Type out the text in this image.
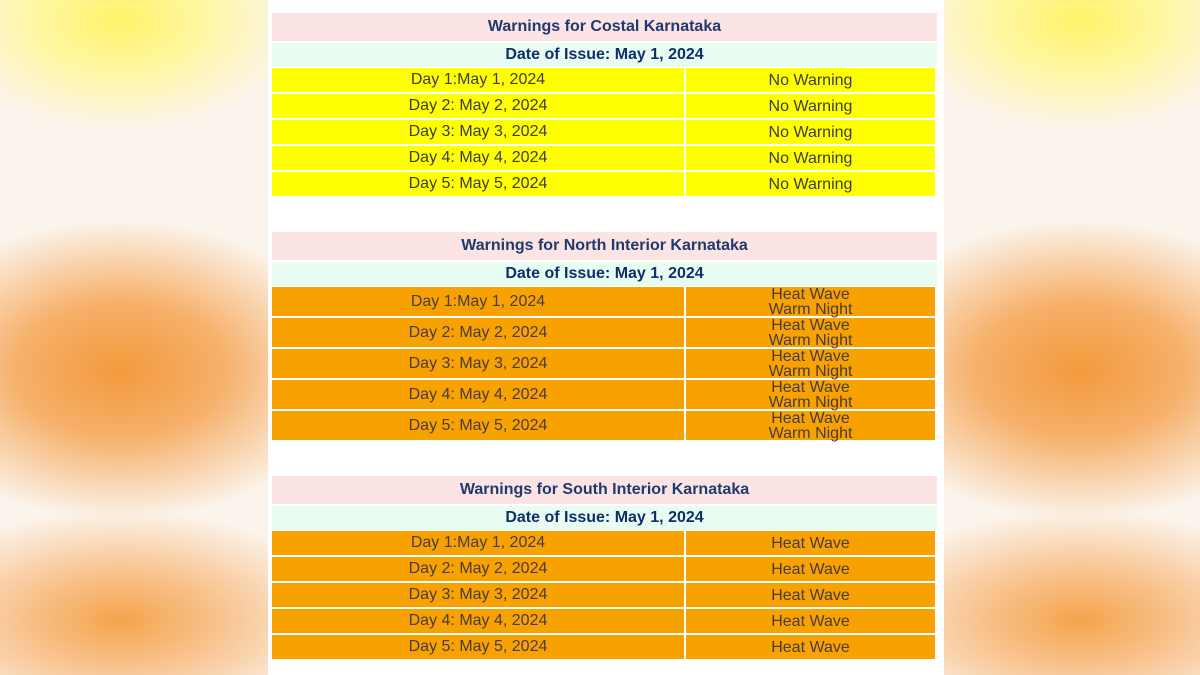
Warnings for Costal Karnataka
Date of Issue: May 1, 2024
Day 1:May 1, 2024	No Warning
Day 2: May 2, 2024	No Warning
Day 3: May 3, 2024	No Warning
Day 4: May 4, 2024	No Warning
Day 5: May 5, 2024	No Warning
Warnings for North Interior Karnataka
Date of Issue: May 1, 2024
Day 1:May 1, 2024	Heat Wave
Warm Night
Day 2: May 2, 2024	Heat Wave
Warm Night
Day 3: May 3, 2024	Heat Wave
Warm Night
Day 4: May 4, 2024	Heat Wave
Warm Night
Day 5: May 5, 2024	Heat Wave
Warm Night
Warnings for South Interior Karnataka
Date of Issue: May 1, 2024
Day 1:May 1, 2024	Heat Wave
Day 2: May 2, 2024	Heat Wave
Day 3: May 3, 2024	Heat Wave
Day 4: May 4, 2024	Heat Wave
Day 5: May 5, 2024	Heat Wave
